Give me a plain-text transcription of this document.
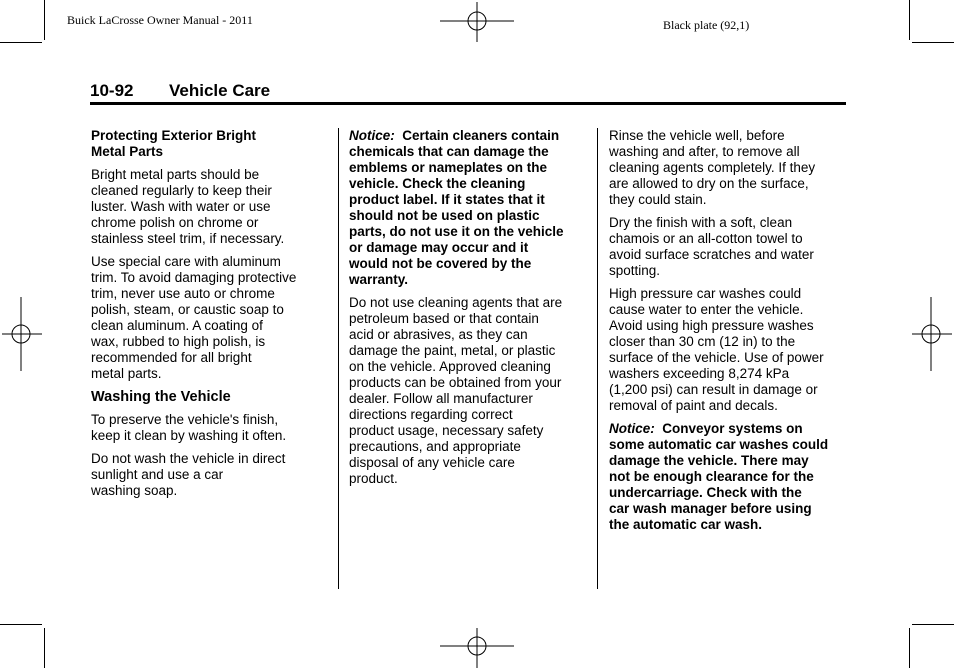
Buick LaCrosse Owner Manual - 2011	Black plate (92,1)
10-92 Vehicle Care

Protecting Exterior Bright
Metal Parts

Bright metal parts should be
cleaned regularly to keep their
luster. Wash with water or use
chrome polish on chrome or
stainless steel trim, if necessary.

Use special care with aluminum
trim. To avoid damaging protective
trim, never use auto or chrome
polish, steam, or caustic soap to
clean aluminum. A coating of
wax, rubbed to high polish, is
recommended for all bright
metal parts.

Washing the Vehicle

To preserve the vehicle's finish,
keep it clean by washing it often.

Do not wash the vehicle in direct
sunlight and use a car
washing soap.

Notice: Certain cleaners contain
chemicals that can damage the
emblems or nameplates on the
vehicle. Check the cleaning
product label. If it states that it
should not be used on plastic
parts, do not use it on the vehicle
or damage may occur and it
would not be covered by the
warranty.

Do not use cleaning agents that are
petroleum based or that contain
acid or abrasives, as they can
damage the paint, metal, or plastic
on the vehicle. Approved cleaning
products can be obtained from your
dealer. Follow all manufacturer
directions regarding correct
product usage, necessary safety
precautions, and appropriate
disposal of any vehicle care
product.

Rinse the vehicle well, before
washing and after, to remove all
cleaning agents completely. If they
are allowed to dry on the surface,
they could stain.

Dry the finish with a soft, clean
chamois or an all-cotton towel to
avoid surface scratches and water
spotting.

High pressure car washes could
cause water to enter the vehicle.
Avoid using high pressure washes
closer than 30 cm (12 in) to the
surface of the vehicle. Use of power
washers exceeding 8,274 kPa
(1,200 psi) can result in damage or
removal of paint and decals.

Notice: Conveyor systems on
some automatic car washes could
damage the vehicle. There may
not be enough clearance for the
undercarriage. Check with the
car wash manager before using
the automatic car wash.
